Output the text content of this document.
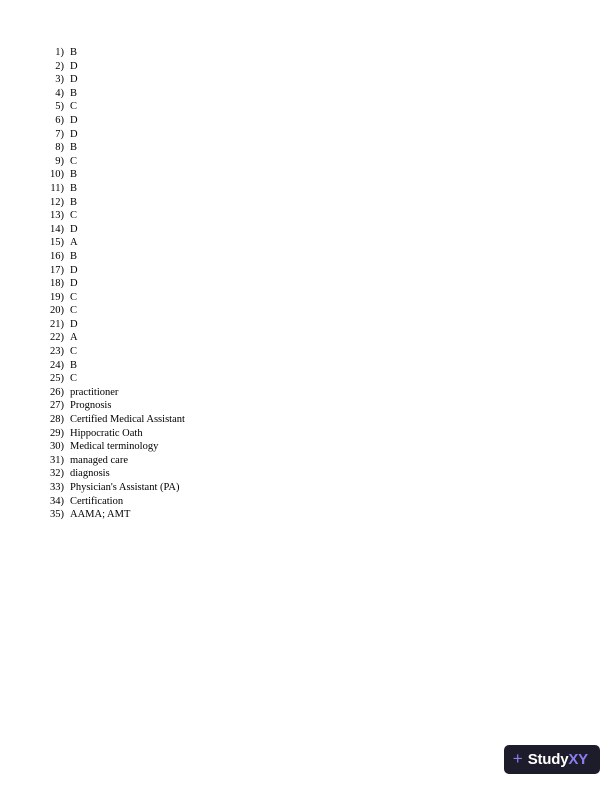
1) B
2) D
3) D
4) B
5) C
6) D
7) D
8) B
9) C
10) B
11) B
12) B
13) C
14) D
15) A
16) B
17) D
18) D
19) C
20) C
21) D
22) A
23) C
24) B
25) C
26) practitioner
27) Prognosis
28) Certified Medical Assistant
29) Hippocratic Oath
30) Medical terminology
31) managed care
32) diagnosis
33) Physician's Assistant (PA)
34) Certification
35) AAMA; AMT
+ StudyXY
